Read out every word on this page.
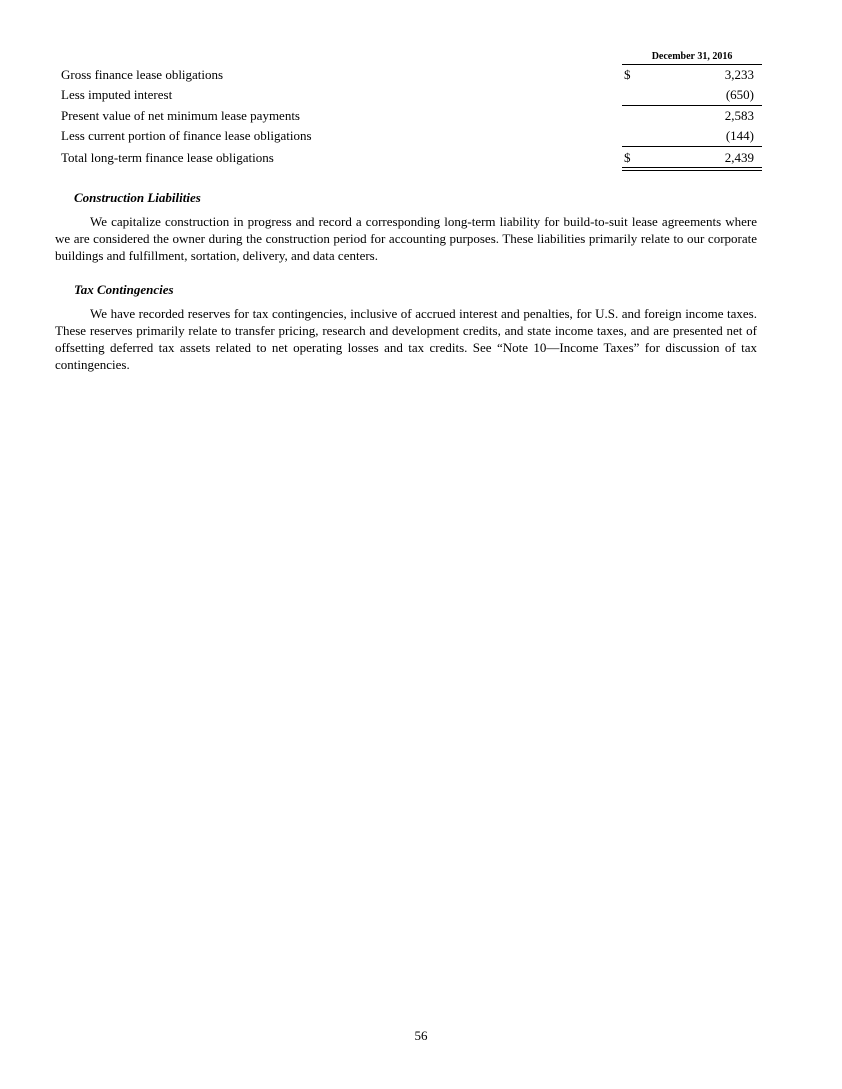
December 31, 2016
Gross finance lease obligations	$	3,233
Less imputed interest	(650)
Present value of net minimum lease payments	2,583
Less current portion of finance lease obligations	(144)
Total long-term finance lease obligations	$	2,439
Construction Liabilities

We capitalize construction in progress and record a corresponding long-term liability for build-to-suit lease agreements where we are considered the owner during the construction period for accounting purposes. These liabilities primarily relate to our corporate buildings and fulfillment, sortation, delivery, and data centers.

Tax Contingencies

We have recorded reserves for tax contingencies, inclusive of accrued interest and penalties, for U.S. and foreign income taxes. These reserves primarily relate to transfer pricing, research and development credits, and state income taxes, and are presented net of offsetting deferred tax assets related to net operating losses and tax credits. See “Note 10—Income Taxes” for discussion of tax contingencies.

56
